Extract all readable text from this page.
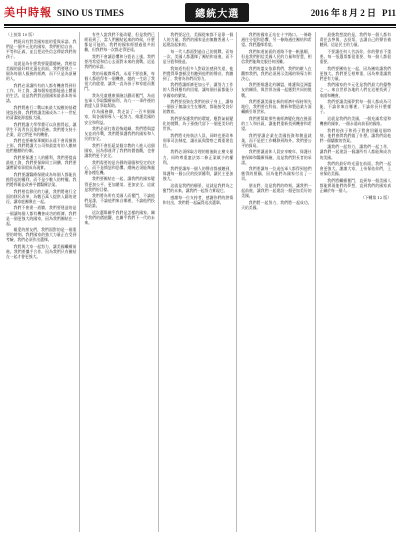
美中時報 SINO US TIMES	總統大選	2016 年 8 月 2 日 P11
（上接第 10 版）

們既具有對美國家庭的愛與承諾。我們是一個多元化的國家，我們相信自由、平等和正義，並且把這些信念傳給我們的孩子。

這就是為什麼我要競選總統。我相信美國的最好時光還在前面。我們要建立一個為每個人服務的經濟，而不只是為頂層的人。

我們必須讓所有的人都有機會得到好工作、好工資，讓每個家庭都能過上體面的生活。這是我們對這個國家最基本的承諾。

我們將進行二戰以來最大規模的基礎建設投資，我們將讓美國成為二十一世紀的清潔能源超級大國。

我們將讓大學學費可以負擔得起，讓學生不再背負沉重的債務。我們將支持小企業，給它們更多的機會。

我們也要確保華爾街永遠不會再摧毀主街。我們將讓大公司和最富有的人繳納他們應繳的份額。

我們要保護工人的權利，我們要提高最低工資，我們要保障同工同酬，我們要讓帶薪家事假成為現實。

我們要讓醫療保健成為每個人都能負擔得起的權利，而不是少數人的特權。我們將捍衛並改善平價醫療法案。

我們相信移民的力量，我們將進行全面的移民改革，為數百萬人提供入籍的途徑，讓家庭團聚在一起。

我們不會建一道牆，我們要建造的是一個讓每個人都有機會成功的經濟。我們是一個更強大的國家，因為我們團結在一起。

親愛的朋友們，我們面對的是一個重要的時刻。我們國家的強大力量正在受到考驗，我們必須作出選擇。

我將與大家一起努力，讓美國繼續前進。我們要攜手合作，因為我們只有團結在一起才會更強大。

有些人說我們不能改變，但是我們已經看到了，當人們團結起來的時候，什麼都是可能的。我們的國家經歷過很多困難，但我們每一次都走得更遠。

我們不會讓恐懼和分裂佔上風。我們要用希望和信心去面對未來的挑戰。這是我們的承諾。

我的母親教導我，永遠不要放棄，每個人都值得有一個機會。她的一生給了我很大的啟發，讓我一直為孩子和家庭而奮鬥。

我為兒童健康保險計劃而奮鬥，為退伍軍人爭取醫療福利，為九一一事件後的救援人員爭取幫助。

作為國務卿，我走訪了一百多個國家，與各國領導人一起努力，維護美國的安全和利益。

我們必須打敗恐怖組織，我們將與盟友並肩作戰，我們將保護我們的國家和人民的安全。

我們不會拒絕某個宗教的人進入這個國家，因為那違背了我們的價值觀，也會讓我們更不安全。

我們需要的是冷靜的頭腦和堅定的決心，而不是憤怒和恐懼。總統必須能夠處理各種危機。

我們要團結在一起，讓我們的國家變得更加公平、更加繁榮、更加安全。這就是我們的目標。

我們將為所有美國人而奮鬥，不論他們是誰，不論他們來自哪裡，不論他們投票給誰。

這次選舉關乎我們是怎樣的國家，關乎我們的價值觀，也關乎我們下一代的未來。

我們要記住，美國從來都不是靠一個人的力量。我們的國家是由無數普通人一起建設起來的。

每一代人都面對過自己的挑戰，而每一次，美國人都選擇了團結和前進，而不是分裂和後退。

我知道有很多人對政治感到失望，他們覺得華盛頓沒有聽到他們的聲音。我聽到了，我會為你們而努力。

我們將讓經濟更加公平，讓努力工作的人得到應有的回報，讓每個社區都能分享國家的繁榮。

我們要投資在我們的孩子身上，讓每一個孩子無論出生在哪裡，都能接受良好的教育。

我們要保護我們的環境，應對氣候變化的挑戰，為子孫後代留下一個更美好的世界。

我們將支持執法人員，同時也要改革刑事司法制度，讓社區與警察之間重建信任。

我們必須採取合理的措施防止槍支暴力，同時尊重憲法第二修正案賦予的權利。

我們要讓每一個人的聲音都被聽到，保護每一個公民的投票權利，讓民主更加強大。

這就是我們的願景，這就是我們為之奮鬥的未來。讓我們一起努力實現它。

感謝每一位支持者，感謝你們的熱情和付出，我們將一起贏得這次選舉。

我們的國家正站在十字路口。一條路通往分裂和恐懼，另一條路通往團結和希望。我們選擇希望。

我們知道前面的道路不會一帆風順，但是我們相信美國人民的力量和智慧，相信我們能夠克服任何困難。

我們的盟友依靠我們，我們的敵人在觀察我們。我們必須展示美國的領導力和決心。

我們要維護北約聯盟，維護與亞洲盟友的關係，與世界各國一起應對共同的挑戰。

我們要讓美國在新的經濟中保持領先地位，我們要在科技、創新和製造業方面繼續引領世界。

我們要幫助那些被經濟變化拋在後面的工人和社區，讓他們重新找到機會和希望。

我們要讓企業在美國投資和創造就業，而不是把工作轉移到海外。我們要公平的貿易。

我們要讓退休人員安享晚年，保護社會保障和醫療保險，這是我們對長者的承諾。

我們要讓每一位退伍軍人都得到他們應得的照顧，因為他們為國家付出了一切。

朋友們，這是我們的時刻。讓我們一起前進，讓我們一起建設一個更加美好的美國。

我們將一起努力，我們將一起成功。天佑美國。

最後我想說的是，我們每一個人都有責任去參與，去投票，去讓自己的聲音被聽到。這是民主的力量。

不要讓任何人告訴你，你的聲音不重要。每一張選票都很重要，每一個人都很重要。

我們要團結在一起，因為團結讓我們更強大。我們要互相尊重，因為尊重讓我們更有力量。

我們國家的多元化是我們最大的優勢之一。來自世界各地的人們在這裡找到了家園和機會。

我們要讓美國夢對每一個人都成為可能，不論你來自哪裡，不論你長什麼樣子。

這就是我們的美國，一個充滿希望和機會的國家，一個永遠向前看的國家。

我們的孩子和孫子將會回顧這個時刻，他們會問我們做了什麼。讓我們給他們一個驕傲的答案。

讓我們一起努力，讓我們一起工作，讓我們一起建設一個讓所有人都能夠成功的美國。

我們的最好時光還在前面。我們一起會更強大。謝謝大家，上帝保佑你們，上帝保佑美國。

我們將繼續奮鬥，直到每一個美國人都能實現他們的夢想，直到我們的國家真正屬於每一個人。

（下轉第 12 版）
